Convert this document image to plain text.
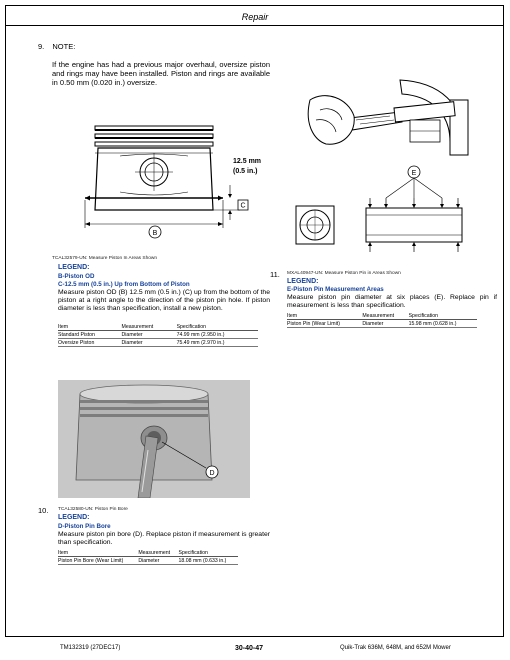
Repair
9. NOTE:
If the engine has had a previous major overhaul, oversize piston and rings may have been installed. Piston and rings are available in 0.50 mm (0.020 in.) oversize.
C
B
12.5 mm
(0.5 in.)
TCAL32579-UN: Measure Piston In Areas Shown
LEGEND:
B-Piston OD
C-12.5 mm (0.5 in.) Up from Bottom of Piston
Measure piston OD (B) 12.5 mm (0.5 in.) (C) up from the bottom of the piston at a right angle to the direction of the piston pin hole. If piston diameter is less than specification, install a new piston.
Item	Measurement	Specification
Standard Piston	Diameter	74.99 mm (2.950 in.)
Oversize Piston	Diameter	75.49 mm (2.970 in.)
D
10. TCAL32580-UN: Piston Pin Bore
LEGEND:
D-Piston Pin Bore
Measure piston pin bore (D). Replace piston if measurement is greater than specification.
Item	Measurement	Specification
Piston Pin Bore (Wear Limit)	Diameter	18.08 mm (0.633 in.)
E
11. MXAL40947-UN: Measure Piston Pin in Areas Shown
LEGEND:
E-Piston Pin Measurement Areas
Measure piston pin diameter at six places (E). Replace pin if measurement is less than specification.
Item	Measurement	Specification
Piston Pin (Wear Limit)	Diameter	15.98 mm (0.628 in.)
TM132319 (27DEC17)	30-40-47	Quik-Trak 636M, 648M, and 652M Mower
